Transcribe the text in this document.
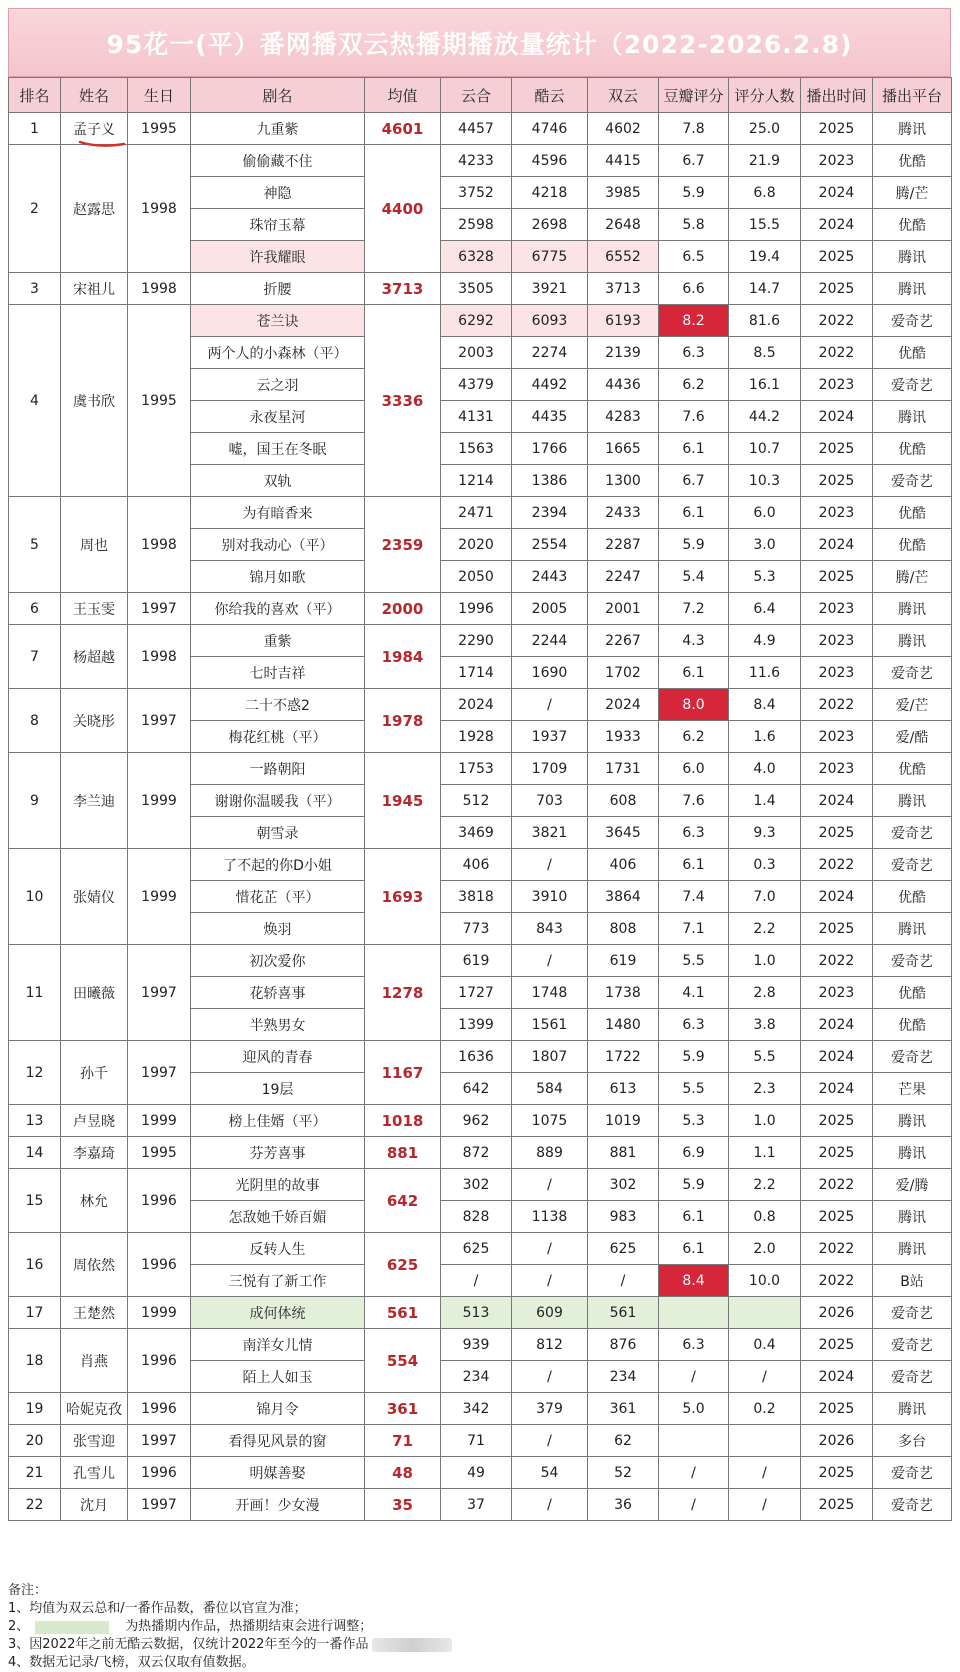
95花一(平）番网播双云热播期播放量统计（2022-2026.2.8)
排名	姓名	生日	剧名	均值	云合	酷云	双云	豆瓣评分	评分人数	播出时间	播出平台
1	孟子义	1995	九重紫	4601	4457	4746	4602	7.8	25.0	2025	腾讯
2	赵露思	1998	偷偷藏不住	4400	4233	4596	4415	6.7	21.9	2023	优酷
			神隐		3752	4218	3985	5.9	6.8	2024	腾/芒
			珠帘玉幕		2598	2698	2648	5.8	15.5	2024	优酷
			许我耀眼		6328	6775	6552	6.5	19.4	2025	腾讯
3	宋祖儿	1998	折腰	3713	3505	3921	3713	6.6	14.7	2025	腾讯
4	虞书欣	1995	苍兰诀	3336	6292	6093	6193	8.2	81.6	2022	爱奇艺
			两个人的小森林（平）		2003	2274	2139	6.3	8.5	2022	优酷
			云之羽		4379	4492	4436	6.2	16.1	2023	爱奇艺
			永夜星河		4131	4435	4283	7.6	44.2	2024	腾讯
			嘘，国王在冬眠		1563	1766	1665	6.1	10.7	2025	优酷
			双轨		1214	1386	1300	6.7	10.3	2025	爱奇艺
5	周也	1998	为有暗香来	2359	2471	2394	2433	6.1	6.0	2023	优酷
			别对我动心（平）		2020	2554	2287	5.9	3.0	2024	优酷
			锦月如歌		2050	2443	2247	5.4	5.3	2025	腾/芒
6	王玉雯	1997	你给我的喜欢（平）	2000	1996	2005	2001	7.2	6.4	2023	腾讯
7	杨超越	1998	重紫	1984	2290	2244	2267	4.3	4.9	2023	腾讯
			七时吉祥		1714	1690	1702	6.1	11.6	2023	爱奇艺
8	关晓彤	1997	二十不惑2	1978	2024	/	2024	8.0	8.4	2022	爱/芒
			梅花红桃（平）		1928	1937	1933	6.2	1.6	2023	爱/酷
9	李兰迪	1999	一路朝阳	1945	1753	1709	1731	6.0	4.0	2023	优酷
			谢谢你温暖我（平）		512	703	608	7.6	1.4	2024	腾讯
			朝雪录		3469	3821	3645	6.3	9.3	2025	爱奇艺
10	张婧仪	1999	了不起的你D小姐	1693	406	/	406	6.1	0.3	2022	爱奇艺
			惜花芷（平）		3818	3910	3864	7.4	7.0	2024	优酷
			焕羽		773	843	808	7.1	2.2	2025	腾讯
11	田曦薇	1997	初次爱你	1278	619	/	619	5.5	1.0	2022	爱奇艺
			花轿喜事		1727	1748	1738	4.1	2.8	2023	优酷
			半熟男女		1399	1561	1480	6.3	3.8	2024	优酷
12	孙千	1997	迎风的青春	1167	1636	1807	1722	5.9	5.5	2024	爱奇艺
			19层		642	584	613	5.5	2.3	2024	芒果
13	卢昱晓	1999	榜上佳婿（平）	1018	962	1075	1019	5.3	1.0	2025	腾讯
14	李嘉琦	1995	芬芳喜事	881	872	889	881	6.9	1.1	2025	腾讯
15	林允	1996	光阴里的故事	642	302	/	302	5.9	2.2	2022	爱/腾
			怎敌她千娇百媚		828	1138	983	6.1	0.8	2025	腾讯
16	周依然	1996	反转人生	625	625	/	625	6.1	2.0	2022	腾讯
			三悦有了新工作		/	/	/	8.4	10.0	2022	B站
17	王楚然	1999	成何体统	561	513	609	561			2026	爱奇艺
18	肖燕	1996	南洋女儿情	554	939	812	876	6.3	0.4	2025	爱奇艺
			陌上人如玉		234	/	234	/	/	2024	爱奇艺
19	哈妮克孜	1996	锦月令	361	342	379	361	5.0	0.2	2025	腾讯
20	张雪迎	1997	看得见风景的窗	71	71	/	62			2026	多台
21	孔雪儿	1996	明媒善娶	48	49	54	52	/	/	2025	爱奇艺
22	沈月	1997	开画！少女漫	35	37	/	36	/	/	2025	爱奇艺
备注：
1、均值为双云总和/一番作品数，番位以官宣为准；
2、	为热播期内作品，热播期结束会进行调整；
3、因2022年之前无酷云数据，仅统计2022年至今的一番作品
4、数据无记录/飞榜，双云仅取有值数据。
